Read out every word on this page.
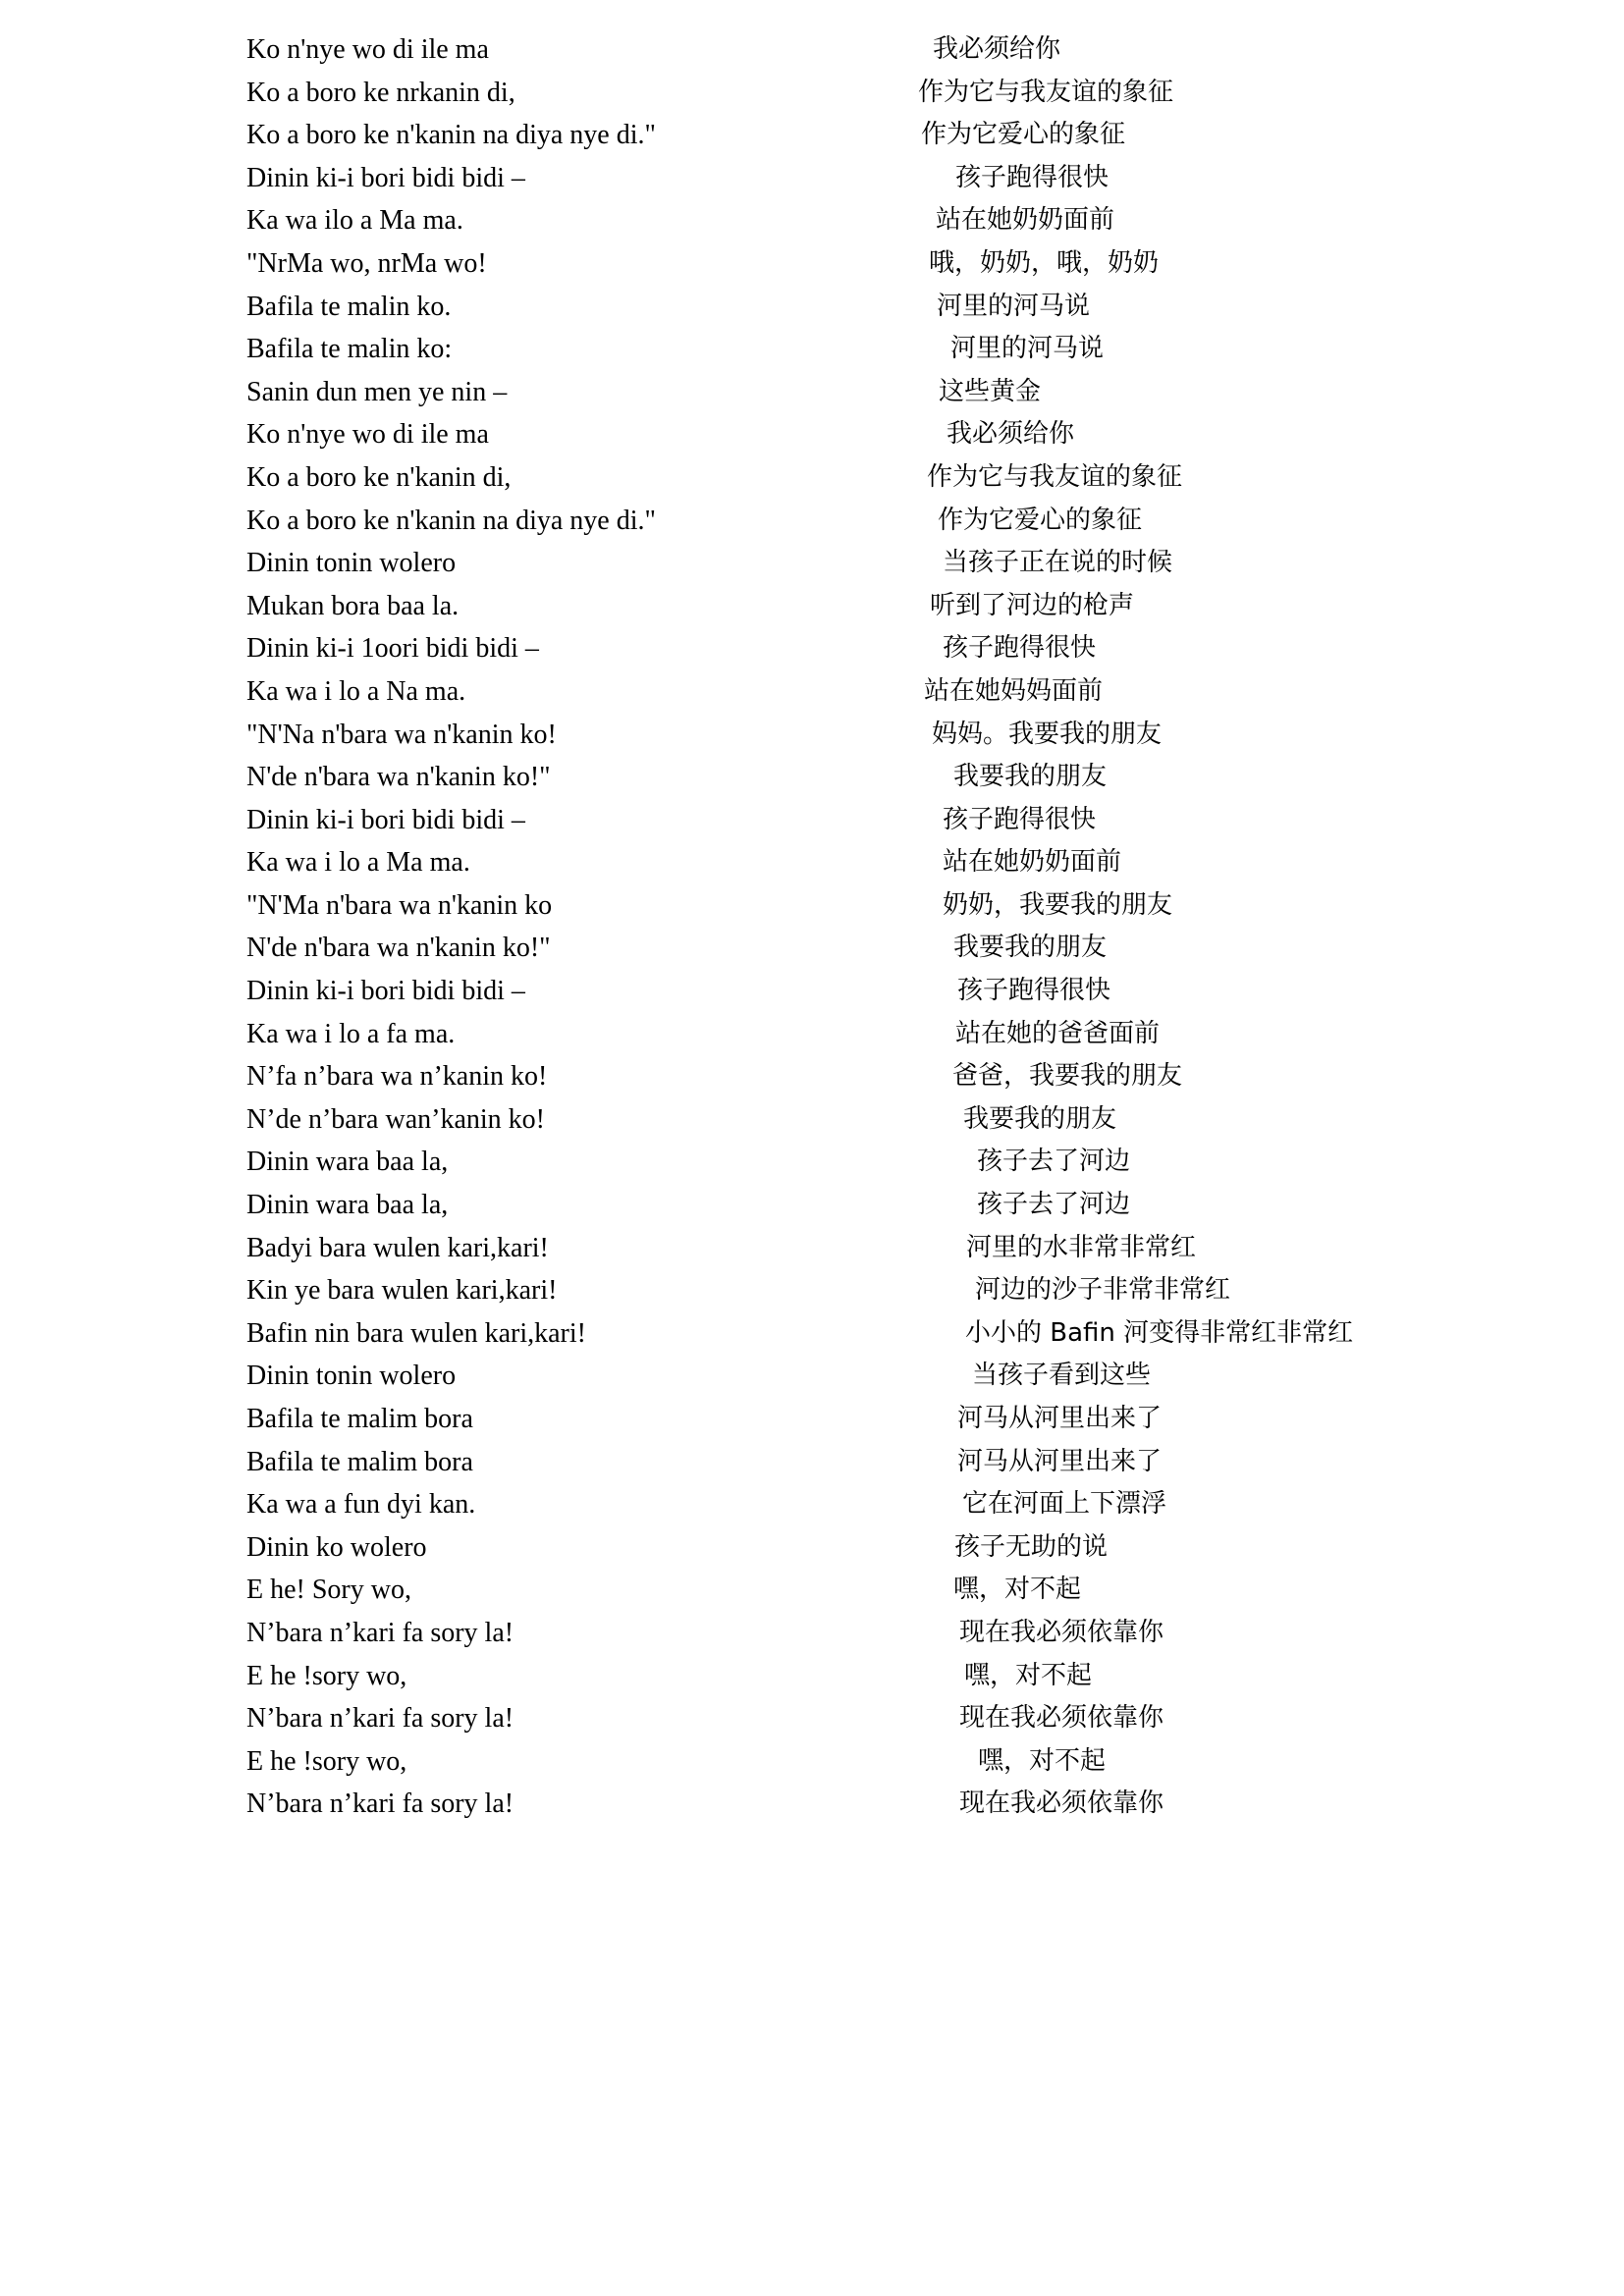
Ko n'nye wo di ile ma	我必须给你
Ko a boro ke nrkanin di,	作为它与我友谊的象征
Ko a boro ke n'kanin na diya nye di."	作为它爱心的象征
Dinin ki-i bori bidi bidi –	孩子跑得很快
Ka wa ilo a Ma ma.	站在她奶奶面前
"NrMa wo, nrMa wo!	哦，奶奶，哦，奶奶
Bafila te malin ko.	河里的河马说
Bafila te malin ko:	河里的河马说
Sanin dun men ye nin –	这些黄金
Ko n'nye wo di ile ma	我必须给你
Ko a boro ke n'kanin di,	作为它与我友谊的象征
Ko a boro ke n'kanin na diya nye di."	作为它爱心的象征
Dinin tonin wolero	当孩子正在说的时候
Mukan bora baa la.	听到了河边的枪声
Dinin ki-i 1oori bidi bidi –	孩子跑得很快
Ka wa i lo a Na ma.	站在她妈妈面前
"N'Na n'bara wa n'kanin ko!	妈妈。我要我的朋友
N'de n'bara wa n'kanin ko!"	我要我的朋友
Dinin ki-i bori bidi bidi –	孩子跑得很快
Ka wa i lo a Ma ma.	站在她奶奶面前
"N'Ma n'bara wa n'kanin ko	奶奶，我要我的朋友
N'de n'bara wa n'kanin ko!"	我要我的朋友
Dinin ki-i bori bidi bidi –	孩子跑得很快
Ka wa i lo a fa ma.	站在她的爸爸面前
N’fa n’bara wa n’kanin ko!	爸爸，我要我的朋友
N’de n’bara wan’kanin ko!	我要我的朋友
Dinin wara baa la,	孩子去了河边
Dinin wara baa la,	孩子去了河边
Badyi bara wulen kari,kari!	河里的水非常非常红
Kin ye bara wulen kari,kari!	河边的沙子非常非常红
Bafin nin bara wulen kari,kari!	小小的 Bafin 河变得非常红非常红
Dinin tonin wolero	当孩子看到这些
Bafila te malim bora	河马从河里出来了
Bafila te malim bora	河马从河里出来了
Ka wa a fun dyi kan.	它在河面上下漂浮
Dinin ko wolero	孩子无助的说
E he! Sory wo,	嘿，对不起
N’bara n’kari fa sory la!	现在我必须依靠你
E he !sory wo,	嘿，对不起
N’bara n’kari fa sory la!	现在我必须依靠你
E he !sory wo,	嘿，对不起
N’bara n’kari fa sory la!	现在我必须依靠你
